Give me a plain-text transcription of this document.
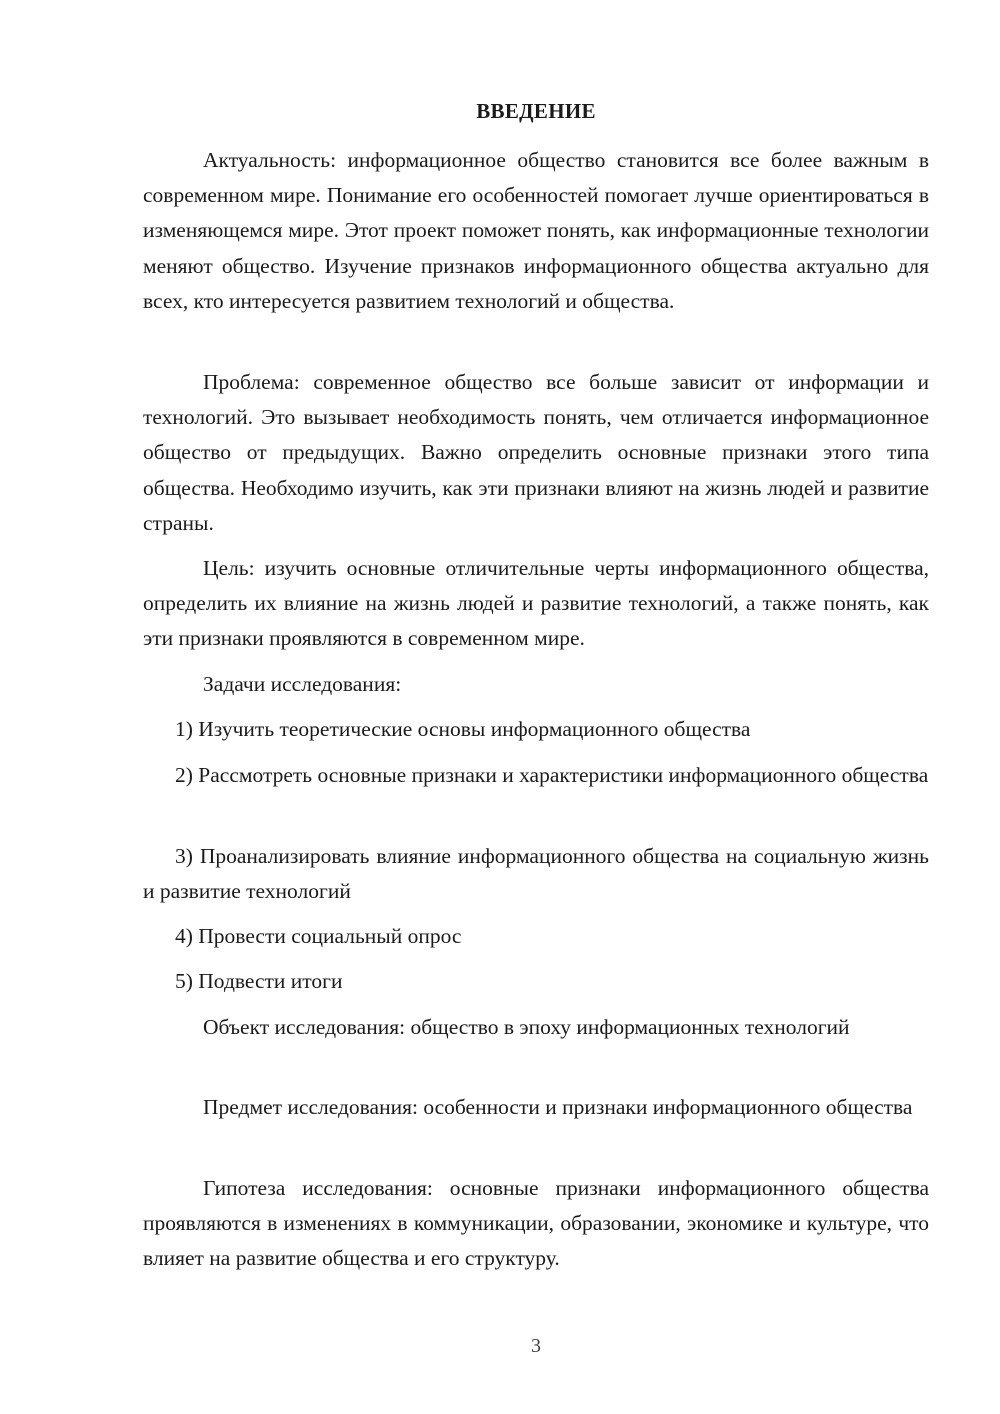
ВВЕДЕНИЕ

Актуальность: информационное общество становится все более важным в современном мире. Понимание его особенностей помогает лучше ориентироваться в изменяющемся мире. Этот проект поможет понять, как информационные технологии меняют общество. Изучение признаков информационного общества актуально для всех, кто интересуется развитием технологий и общества.

Проблема: современное общество все больше зависит от информации и технологий. Это вызывает необходимость понять, чем отличается информационное общество от предыдущих. Важно определить основные признаки этого типа общества. Необходимо изучить, как эти признаки влияют на жизнь людей и развитие страны.

Цель: изучить основные отличительные черты информационного общества, определить их влияние на жизнь людей и развитие технологий, а также понять, как эти признаки проявляются в современном мире.

Задачи исследования:

1) Изучить теоретические основы информационного общества

2) Рассмотреть основные признаки и характеристики информационного общества

3) Проанализировать влияние информационного общества на социальную жизнь и развитие технологий

4) Провести социальный опрос

5) Подвести итоги

Объект исследования: общество в эпоху информационных технологий

Предмет исследования: особенности и признаки информационного общества

Гипотеза исследования: основные признаки информационного общества проявляются в изменениях в коммуникации, образовании, экономике и культуре, что влияет на развитие общества и его структуру.

3
